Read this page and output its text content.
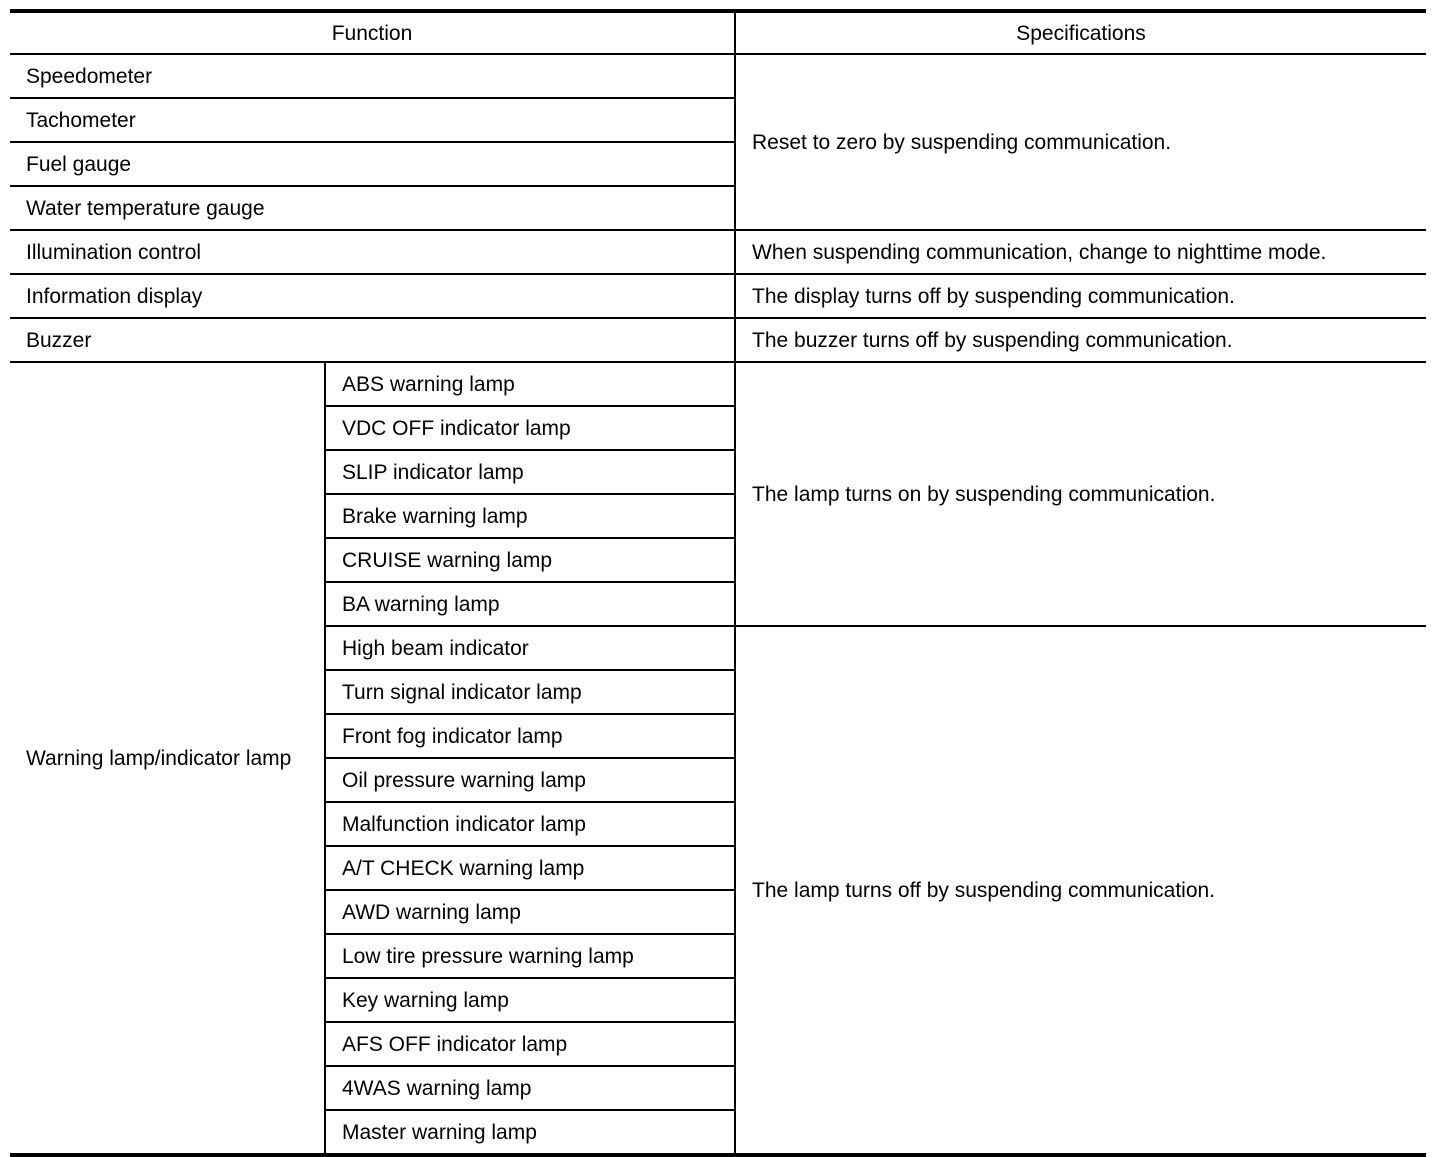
Function		Specifications
Speedometer		Reset to zero by suspending communication.
Tachometer		
Fuel gauge		
Water temperature gauge		
Illumination control		When suspending communication, change to nighttime mode.
Information display		The display turns off by suspending communication.
Buzzer		The buzzer turns off by suspending communication.
Warning lamp/indicator lamp	ABS warning lamp	The lamp turns on by suspending communication.
	VDC OFF indicator lamp	
	SLIP indicator lamp	
	Brake warning lamp	
	CRUISE warning lamp	
	BA warning lamp	
	High beam indicator	The lamp turns off by suspending communication.
	Turn signal indicator lamp	
	Front fog indicator lamp	
	Oil pressure warning lamp	
	Malfunction indicator lamp	
	A/T CHECK warning lamp	
	AWD warning lamp	
	Low tire pressure warning lamp	
	Key warning lamp	
	AFS OFF indicator lamp	
	4WAS warning lamp	
	Master warning lamp	
